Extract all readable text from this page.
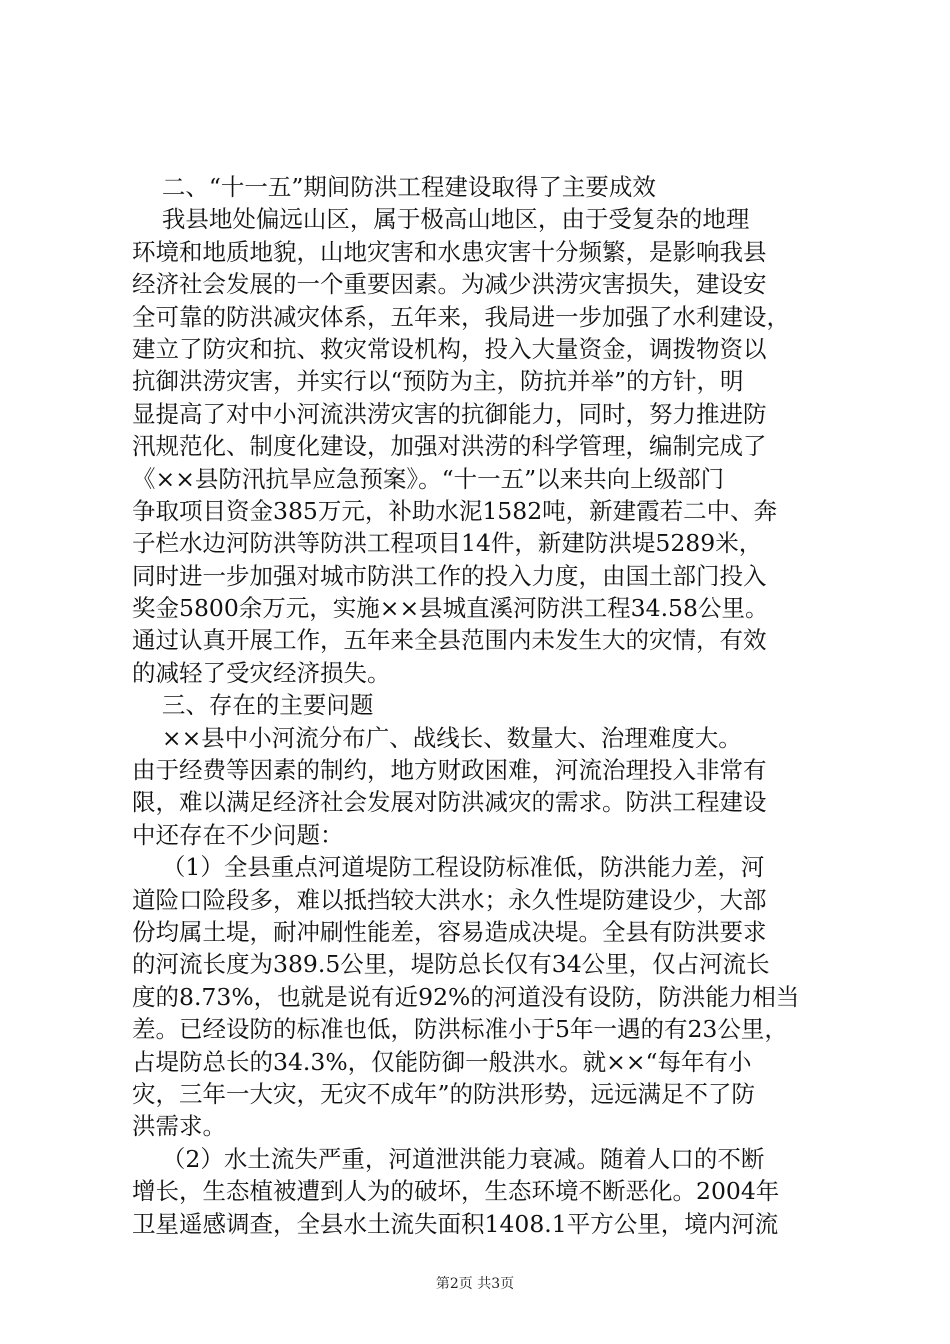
二、“十一五”期间防洪工程建设取得了主要成效
我县地处偏远山区，属于极高山地区，由于受复杂的地理
环境和地质地貌，山地灾害和水患灾害十分频繁，是影响我县
经济社会发展的一个重要因素。为减少洪涝灾害损失，建设安
全可靠的防洪减灾体系，五年来，我局进一步加强了水利建设，
建立了防灾和抗、救灾常设机构，投入大量资金，调拨物资以
抗御洪涝灾害，并实行以“预防为主，防抗并举”的方针，明
显提高了对中小河流洪涝灾害的抗御能力，同时，努力推进防
汛规范化、制度化建设，加强对洪涝的科学管理，编制完成了
《××县防汛抗旱应急预案》。“十一五”以来共向上级部门
争取项目资金385万元，补助水泥1582吨，新建霞若二中、奔
子栏水边河防洪等防洪工程项目14件，新建防洪堤5289米，
同时进一步加强对城市防洪工作的投入力度，由国土部门投入
奖金5800余万元，实施××县城直溪河防洪工程34.58公里。
通过认真开展工作，五年来全县范围内未发生大的灾情，有效
的减轻了受灾经济损失。
三、存在的主要问题
××县中小河流分布广、战线长、数量大、治理难度大。
由于经费等因素的制约，地方财政困难，河流治理投入非常有
限，难以满足经济社会发展对防洪减灾的需求。防洪工程建设
中还存在不少问题：
（1）全县重点河道堤防工程设防标准低，防洪能力差，河
道险口险段多，难以抵挡较大洪水；永久性堤防建设少，大部
份均属土堤，耐冲刷性能差，容易造成决堤。全县有防洪要求
的河流长度为389.5公里，堤防总长仅有34公里，仅占河流长
度的8.73%，也就是说有近92%的河道没有设防，防洪能力相当
差。已经设防的标准也低，防洪标准小于5年一遇的有23公里，
占堤防总长的34.3%，仅能防御一般洪水。就××“每年有小
灾，三年一大灾，无灾不成年”的防洪形势，远远满足不了防
洪需求。
（2）水土流失严重，河道泄洪能力衰减。随着人口的不断
增长，生态植被遭到人为的破坏，生态环境不断恶化。2004年
卫星遥感调查，全县水土流失面积1408.1平方公里，境内河流
第2页 共3页
